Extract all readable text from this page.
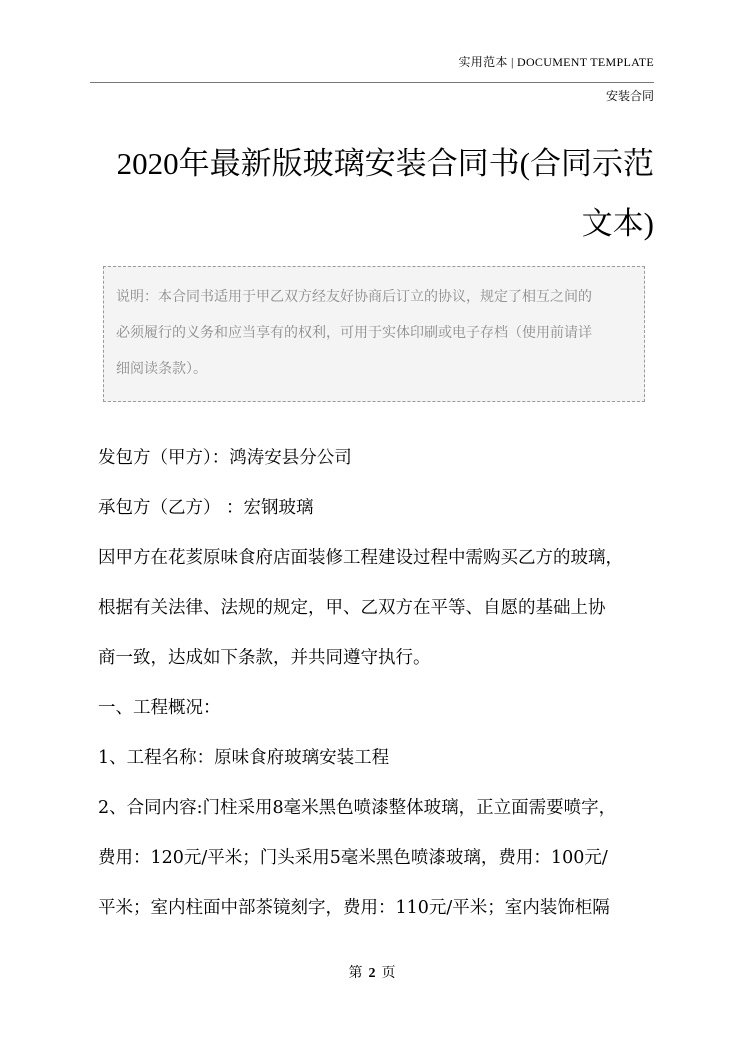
实用范本 | DOCUMENT TEMPLATE
安装合同
2020年最新版玻璃安装合同书(合同示范
文本)
说明：本合同书适用于甲乙双方经友好协商后订立的协议，规定了相互之间的
必须履行的义务和应当享有的权利，可用于实体印刷或电子存档（使用前请详
细阅读条款）。
发包方（甲方）：鸿涛安县分公司
承包方（乙方） ：宏钢玻璃
因甲方在花荄原味食府店面装修工程建设过程中需购买乙方的玻璃，
根据有关法律、法规的规定，甲、乙双方在平等、自愿的基础上协
商一致，达成如下条款，并共同遵守执行。
一、工程概况：
1、工程名称：原味食府玻璃安装工程
2、合同内容:门柱采用8毫米黑色喷漆整体玻璃，正立面需要喷字，
费用：120元/平米；门头采用5毫米黑色喷漆玻璃，费用：100元/
平米；室内柱面中部茶镜刻字，费用：110元/平米；室内装饰柜隔
第 2 页
